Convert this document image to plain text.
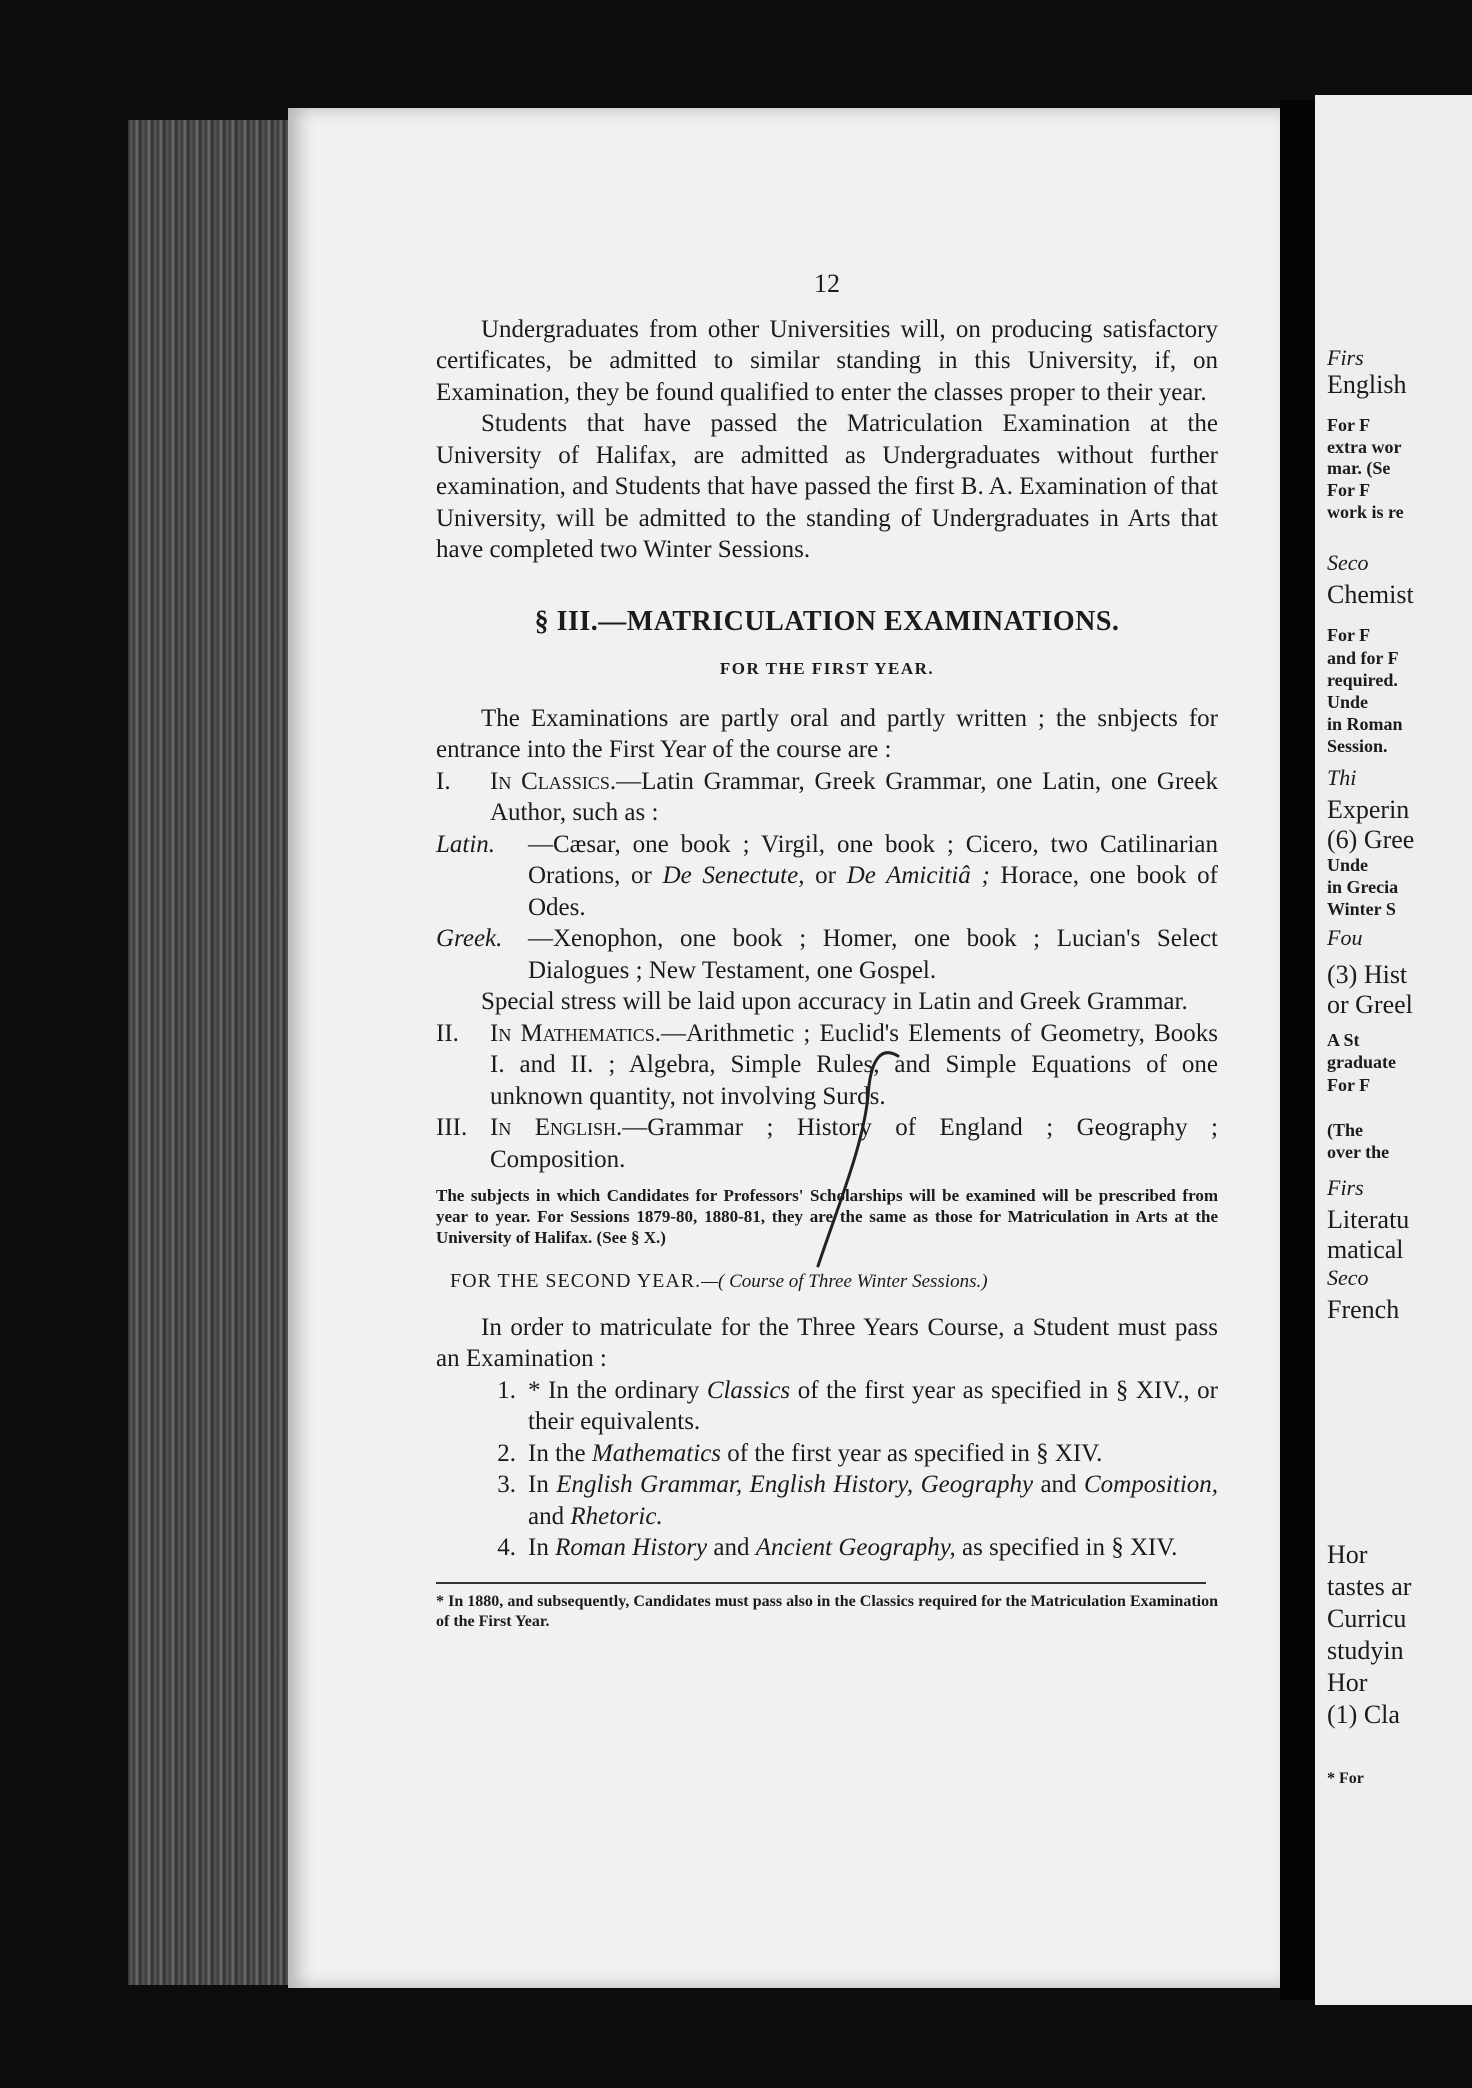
12

Undergraduates from other Universities will, on producing satisfactory certificates, be admitted to similar standing in this University, if, on Examination, they be found qualified to enter the classes proper to their year.

Students that have passed the Matriculation Examination at the University of Halifax, are admitted as Undergraduates without further examination, and Students that have passed the first B. A. Examination of that University, will be admitted to the standing of Undergraduates in Arts that have completed two Winter Sessions.

§ III.—MATRICULATION EXAMINATIONS.
FOR THE FIRST YEAR.

The Examinations are partly oral and partly written ; the snbjects for entrance into the First Year of the course are :

I.	In Classics.—Latin Grammar, Greek Grammar, one Latin, one Greek Author, such as :
Latin.	—Cæsar, one book ; Virgil, one book ; Cicero, two Catilinarian Orations, or De Senectute, or De Amicitiâ ; Horace, one book of Odes.
Greek.	—Xenophon, one book ; Homer, one book ; Lucian's Select Dialogues ; New Testament, one Gospel.

Special stress will be laid upon accuracy in Latin and Greek Grammar.

II.	In Mathematics.—Arithmetic ; Euclid's Elements of Geometry, Books I. and II. ; Algebra, Simple Rules, and Simple Equations of one unknown quantity, not involving Surds.
III. In English.—Grammar ; History of England ; Geography ; Composition.
The subjects in which Candidates for Professors' Scholarships will be examined will be prescribed from year to year. For Sessions 1879-80, 1880-81, they are the same as those for Matriculation in Arts at the University of Halifax. (See § X.)
FOR THE SECOND YEAR.—( Course of Three Winter Sessions.)

In order to matriculate for the Three Years Course, a Student must pass an Examination :

1. * In the ordinary Classics of the first year as specified in § XIV., or their equivalents.
2. In the Mathematics of the first year as specified in § XIV.
3. In English Grammar, English History, Geography and Composition, and Rhetoric.
4. In Roman History and Ancient Geography, as specified in § XIV.
* In 1880, and subsequently, Candidates must pass also in the Classics required for the Matriculation Examination of the First Year.
Firs
English
For F
extra wor
mar. (Se
For F
work is re
Seco
Chemist
For F
and for F
required.
Unde
in Roman
Session.
Thi
Experin
(6) Gree
Unde
in Grecia
Winter S
Fou
(3) Hist
or Greel
A St
graduate
For F
(The
over the
Firs
Literatu
matical
Seco
French
Hor
tastes ar
Curricu
studyin
Hor
(1) Cla
* For
